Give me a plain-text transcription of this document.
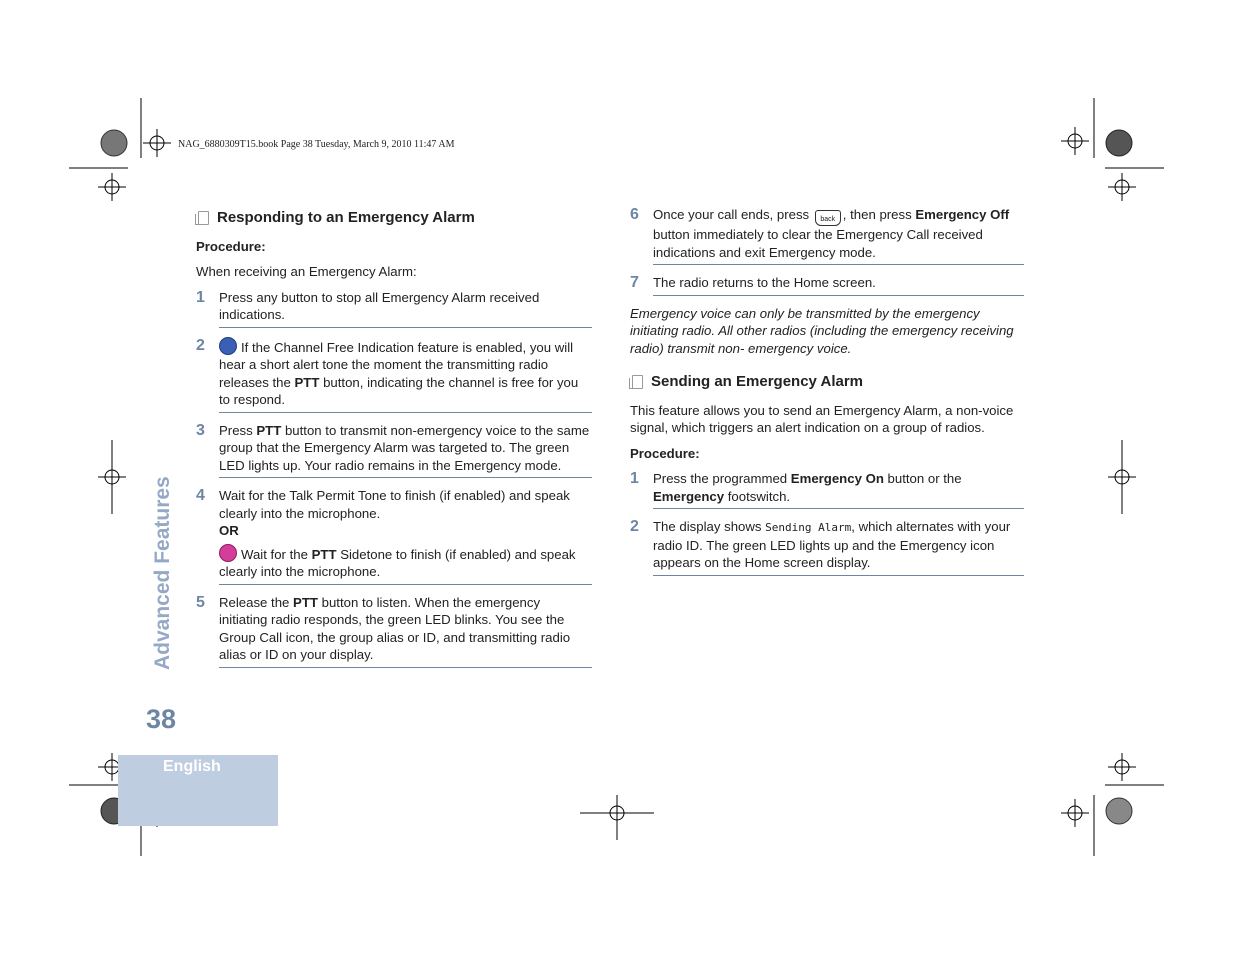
NAG_6880309T15.book Page 38 Tuesday, March 9, 2010 11:47 AM
Responding to an Emergency Alarm
Procedure:

When receiving an Emergency Alarm:

1	Press any button to stop all Emergency Alarm received indications.
2	If the Channel Free Indication feature is enabled, you will hear a short alert tone the moment the transmitting radio releases the PTT button, indicating the channel is free for you to respond.
3	Press PTT button to transmit non-emergency voice to the same group that the Emergency Alarm was targeted to. The green LED lights up. Your radio remains in the Emergency mode.
4	Wait for the Talk Permit Tone to finish (if enabled) and speak clearly into the microphone.
OR
Wait for the PTT Sidetone to finish (if enabled) and speak clearly into the microphone.
5	Release the PTT button to listen. When the emergency initiating radio responds, the green LED blinks. You see the Group Call icon, the group alias or ID, and transmitting radio alias or ID on your display.
6	Once your call ends, press back , then press Emergency Off button immediately to clear the Emergency Call received indications and exit Emergency mode.
7	The radio returns to the Home screen.

Emergency voice can only be transmitted by the emergency initiating radio. All other radios (including the emergency receiving radio) transmit non- emergency voice.

Sending an Emergency Alarm

This feature allows you to send an Emergency Alarm, a non-voice signal, which triggers an alert indication on a group of radios.

Procedure:
1	Press the programmed Emergency On button or the Emergency footswitch.
2	The display shows Sending Alarm, which alternates with your radio ID. The green LED lights up and the Emergency icon appears on the Home screen display.
Advanced Features
38
English
